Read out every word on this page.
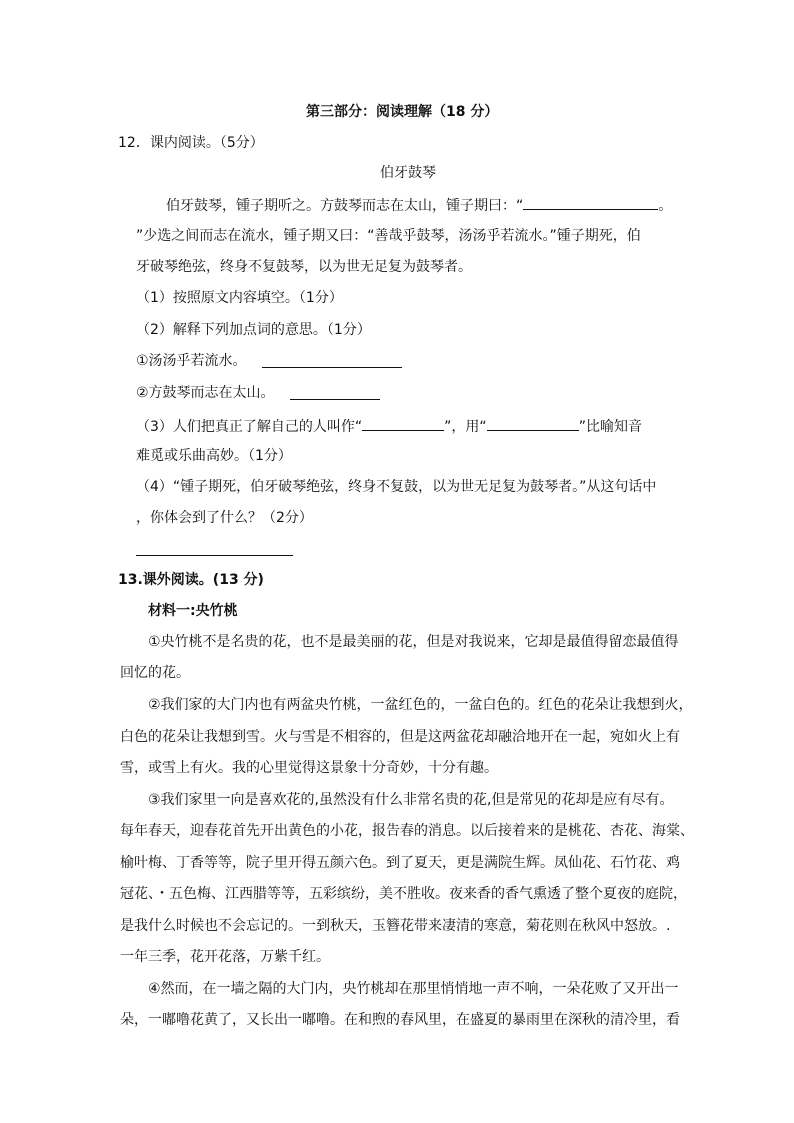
第三部分：阅读理解（18 分）
12．课内阅读。（5分）
伯牙鼓琴
伯牙鼓琴，锺子期听之。方鼓琴而志在太山，锺子期曰：“	。
”少选之间而志在流水，锺子期又曰：“善哉乎鼓琴，汤汤乎若流水。”锺子期死，伯
牙破琴绝弦，终身不复鼓琴，以为世无足复为鼓琴者。
（1）按照原文内容填空。（1分）
（2）解释下列加点词的意思。（1分）
①汤汤乎若流水。
②方鼓琴而志在太山。
（3）人们把真正了解自己的人叫作“	”，用“	”比喻知音
难觅或乐曲高妙。（1分）
（4）“锺子期死，伯牙破琴绝弦，终身不复鼓，以为世无足复为鼓琴者。”从这句话中
，你体会到了什么？（2分）
13.课外阅读。(13 分)
材料一:央竹桃
①央竹桃不是名贵的花，也不是最美丽的花，但是对我说来，它却是最值得留恋最值得
回忆的花。
②我们家的大门内也有两盆央竹桃，一盆红色的，一盆白色的。红色的花朵让我想到火，
白色的花朵让我想到雪。火与雪是不相容的，但是这两盆花却融洽地开在一起，宛如火上有
雪，或雪上有火。我的心里觉得这景象十分奇妙，十分有趣。
③我们家里一向是喜欢花的,虽然没有什么非常名贵的花,但是常见的花却是应有尽有。
每年春天，迎春花首先开出黄色的小花，报告春的消息。以后接着来的是桃花、杏花、海棠、
榆叶梅、丁香等等，院子里开得五颜六色。到了夏天，更是满院生辉。凤仙花、石竹花、鸡
冠花、・五色梅、江西腊等等，五彩缤纷，美不胜收。夜来香的香气熏透了整个夏夜的庭院，
是我什么时候也不会忘记的。一到秋天，玉簪花带来凄清的寒意，菊花则在秋风中怒放。.
一年三季，花开花落，万紫千红。
④然而，在一墙之隔的大门内，央竹桃却在那里悄悄地一声不响，一朵花败了又开出一
朵，一嘟噜花黄了，又长出一嘟噜。在和煦的春风里，在盛夏的暴雨里在深秋的清冷里，看
